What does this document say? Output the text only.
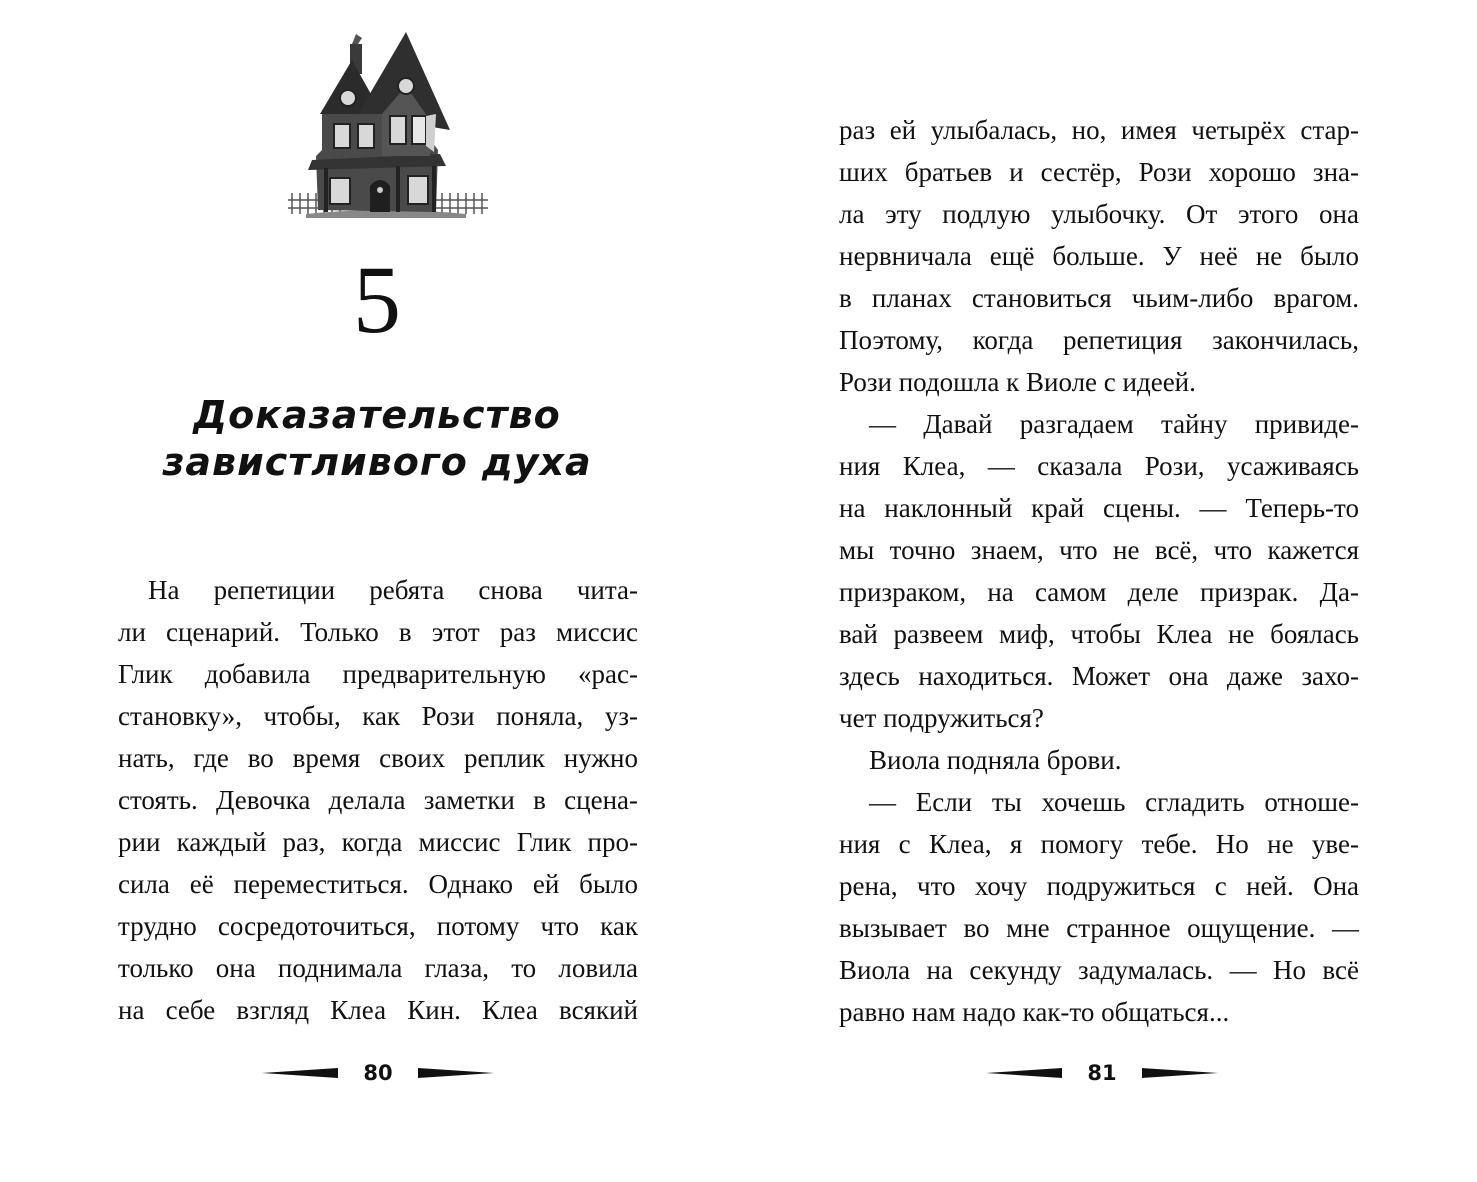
5
Доказательство
завистливого духа
На репетиции ребята снова чита-
ли сценарий. Только в этот раз миссис
Глик добавила предварительную «рас-
становку», чтобы, как Рози поняла, уз-
нать, где во время своих реплик нужно
стоять. Девочка делала заметки в сцена-
рии каждый раз, когда миссис Глик про-
сила её переместиться. Однако ей было
трудно сосредоточиться, потому что как
только она поднимала глаза, то ловила
на себе взгляд Клеа Кин. Клеа всякий
80
раз ей улыбалась, но, имея четырёх стар-
ших братьев и сестёр, Рози хорошо зна-
ла эту подлую улыбочку. От этого она
нервничала ещё больше. У неё не было
в планах становиться чьим-либо врагом.
Поэтому, когда репетиция закончилась,
Рози подошла к Виоле с идеей.
— Давай разгадаем тайну привиде-
ния Клеа, — сказала Рози, усаживаясь
на наклонный край сцены. — Теперь-то
мы точно знаем, что не всё, что кажется
призраком, на самом деле призрак. Да-
вай развеем миф, чтобы Клеа не боялась
здесь находиться. Может она даже захо-
чет подружиться?
Виола подняла брови.
— Если ты хочешь сгладить отноше-
ния с Клеа, я помогу тебе. Но не уве-
рена, что хочу подружиться с ней. Она
вызывает во мне странное ощущение. —
Виола на секунду задумалась. — Но всё
равно нам надо как-то общаться...
81
